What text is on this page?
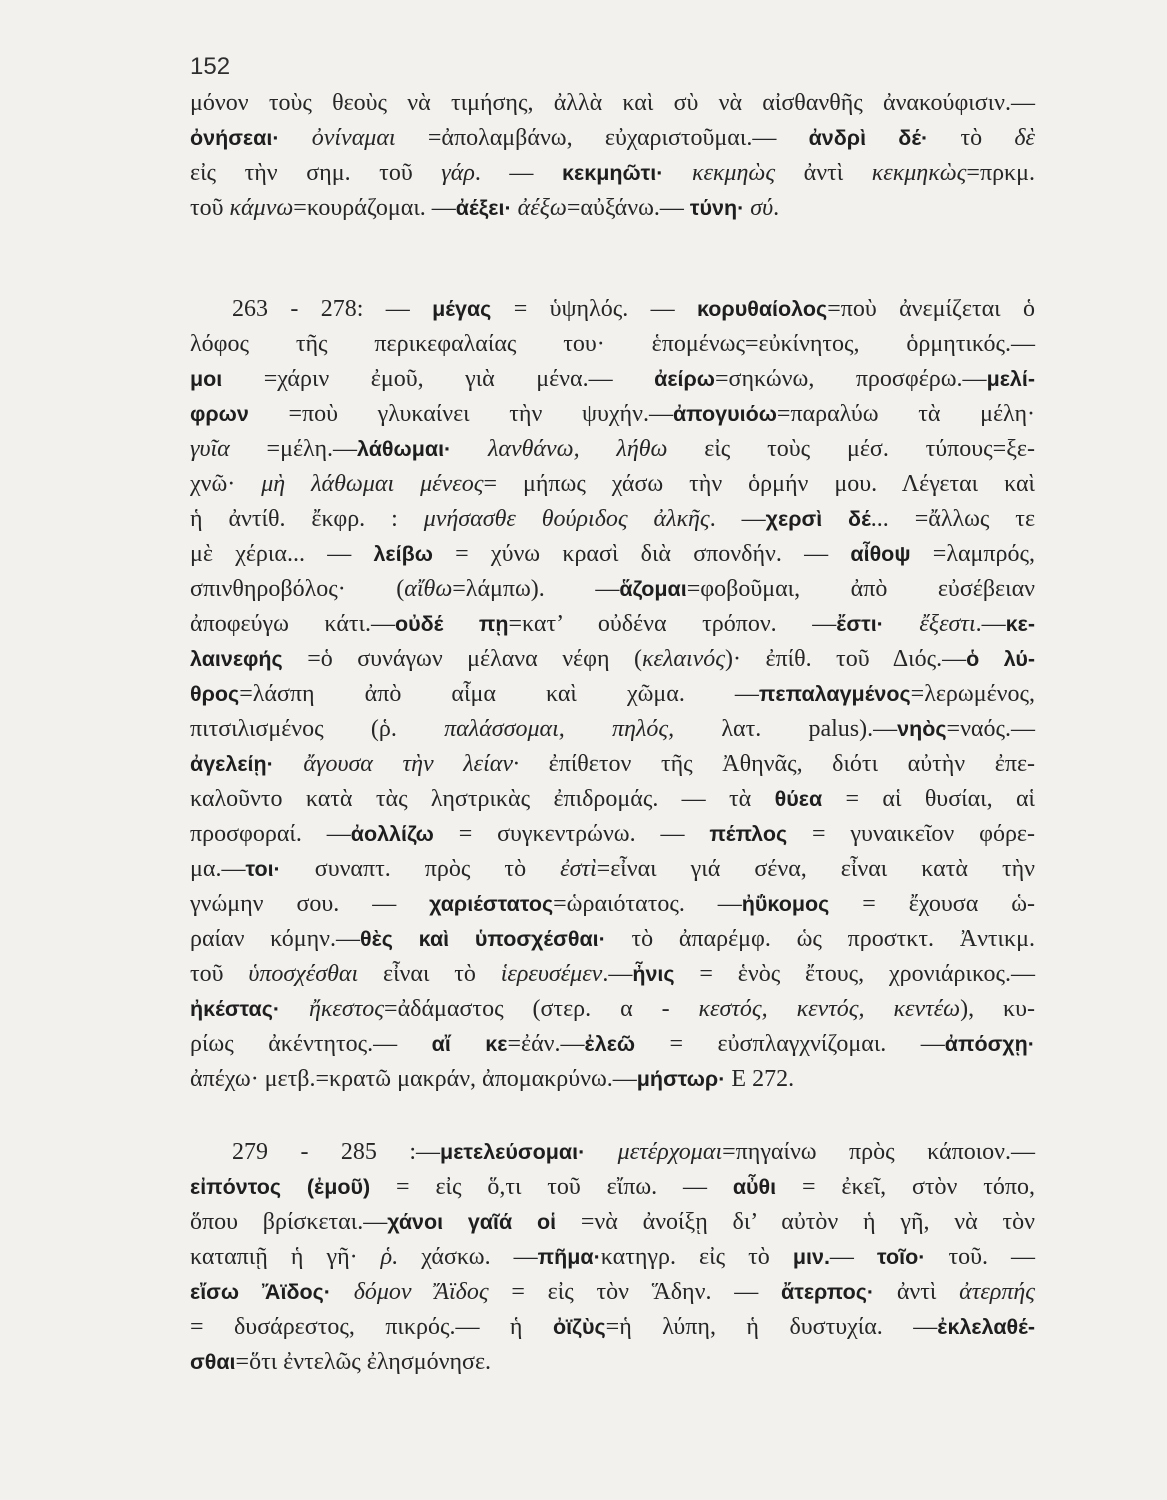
152
μόνον τοὺς θεοὺς νὰ τιμήσης, ἀλλὰ καὶ σὺ νὰ αἰσθανθῆς ἀνακούφισιν.—
ὀνήσεαι· ὀνίναμαι =ἀπολαμβάνω, εὐχαριστοῦμαι.— ἀνδρὶ δέ· τὸ δὲ
εἰς τὴν σημ. τοῦ γάρ. — κεκμηῶτι· κεκμηὼς ἀντὶ κεκμηκὼς=πρκμ.
τοῦ κάμνω=κουράζομαι. —ἀέξει· ἀέξω=αὐξάνω.— τύνη· σύ.
263 - 278: — μέγας = ὑψηλός. — κορυθαίολος=ποὺ ἀνεμίζεται ὁ
λόφος τῆς περικεφαλαίας του· ἑπομένως=εὐκίνητος, ὁρμητικός.—
μοι =χάριν ἐμοῦ, γιὰ μένα.— ἀείρω=σηκώνω, προσφέρω.—μελί-
φρων =ποὺ γλυκαίνει τὴν ψυχήν.—ἀπογυιόω=παραλύω τὰ μέλη·
γυῖα =μέλη.—λάθωμαι· λανθάνω, λήθω εἰς τοὺς μέσ. τύπους=ξε-
χνῶ· μὴ λάθωμαι μένεος= μήπως χάσω τὴν ὁρμήν μου. Λέγεται καὶ
ἡ ἀντίθ. ἔκφρ. : μνήσασθε θούριδος ἀλκῆς. —χερσὶ δέ... =ἄλλως τε
μὲ χέρια... — λείβω = χύνω κρασὶ διὰ σπονδήν. — αἶθοψ =λαμπρός,
σπινθηροβόλος· (αἴθω=λάμπω). —ἅζομαι=φοβοῦμαι, ἀπὸ εὐσέβειαν
ἀποφεύγω κάτι.—οὐδέ πῃ=κατ’ οὐδένα τρόπον. —ἔστι· ἔξεστι.—κε-
λαινεφής =ὁ συνάγων μέλανα νέφη (κελαινός)· ἐπίθ. τοῦ Διός.—ὁ λύ-
θρος=λάσπη ἀπὸ αἷμα καὶ χῶμα. —πεπαλαγμένος=λερωμένος,
πιτσιλισμένος (ῥ. παλάσσομαι, πηλός, λατ. palus).—νηὸς=ναός.—
ἀγελείῃ· ἄγουσα τὴν λείαν· ἐπίθετον τῆς Ἀθηνᾶς, διότι αὐτὴν ἐπε-
καλοῦντο κατὰ τὰς ληστρικὰς ἐπιδρομάς. — τὰ θύεα = αἱ θυσίαι, αἱ
προσφοραί. —ἀολλίζω = συγκεντρώνω. — πέπλος = γυναικεῖον φόρε-
μα.—τοι· συναπτ. πρὸς τὸ ἐστὶ=εἶναι γιά σένα, εἶναι κατὰ τὴν
γνώμην σου. — χαριέστατος=ὡραιότατος. —ἠΰκομος = ἔχουσα ὡ-
ραίαν κόμην.—θὲς καὶ ὑποσχέσθαι· τὸ ἀπαρέμφ. ὡς προστκτ. Ἀντικμ.
τοῦ ὑποσχέσθαι εἶναι τὸ ἱερευσέμεν.—ἦνις = ἑνὸς ἔτους, χρονιάρικος.—
ἠκέστας· ἤκεστος=ἀδάμαστος (στερ. α - κεστός, κεντός, κεντέω), κυ-
ρίως ἀκέντητος.— αἴ κε=ἐάν.—ἐλεῶ = εὐσπλαγχνίζομαι. —ἀπόσχῃ·
ἀπέχω· μετβ.=κρατῶ μακράν, ἀπομακρύνω.—μήστωρ· Ε 272.
279 - 285 :—μετελεύσομαι· μετέρχομαι=πηγαίνω πρὸς κάποιον.—
εἰπόντος (ἐμοῦ) = εἰς ὅ,τι τοῦ εἴπω. — αὖθι = ἐκεῖ, στὸν τόπο,
ὅπου βρίσκεται.—χάνοι γαῖά οἱ =νὰ ἀνοίξῃ δι’ αὐτὸν ἡ γῆ, νὰ τὸν
καταπιῇ ἡ γῆ· ῥ. χάσκω. —πῆμα·κατηγρ. εἰς τὸ μιν.— τοῖο· τοῦ. —
εἴσω Ἄϊδος· δόμον Ἄϊδος = εἰς τὸν Ἅδην. — ἄτερπος· ἀντὶ ἀτερπής
= δυσάρεστος, πικρός.— ἡ ὀϊζὺς=ἡ λύπη, ἡ δυστυχία. —ἐκλελαθέ-
σθαι=ὅτι ἐντελῶς ἐλησμόνησε.
